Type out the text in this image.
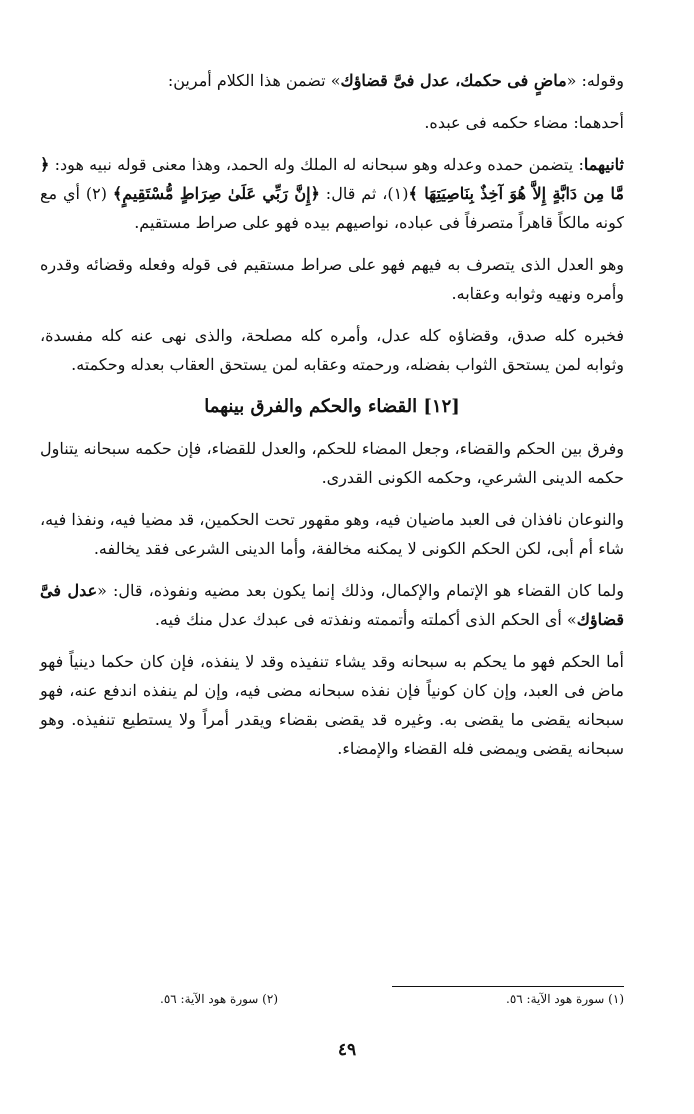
وقوله: «ماضٍ فى حكمك، عدل فىَّ قضاؤك» تضمن هذا الكلام أمرين:

أحدهما: مضاء حكمه فى عبده.

ثانيهما: يتضمن حمده وعدله وهو سبحانه له الملك وله الحمد، وهذا معنى قوله نبيه هود: ﴿ مَّا مِن دَابَّةٍ إِلاَّ هُوَ آخِذٌ بِنَاصِيَتِهَا ﴾(١)، ثم قال: ﴿إِنَّ رَبِّي عَلَىٰ صِرَاطٍ مُّسْتَقِيمٍ﴾ (٢) أي مع كونه مالكاً قاهراً متصرفاً فى عباده، نواصيهم بيده فهو على صراط مستقيم.

وهو العدل الذى يتصرف به فيهم فهو على صراط مستقيم فى قوله وفعله وقضائه وقدره وأمره ونهيه وثوابه وعقابه.

فخبره كله صدق، وقضاؤه كله عدل، وأمره كله مصلحة، والذى نهى عنه كله مفسدة، وثوابه لمن يستحق الثواب بفضله، ورحمته وعقابه لمن يستحق العقاب بعدله وحكمته.

[١٢] القضاء والحكم والفرق بينهما

وفرق بين الحكم والقضاء، وجعل المضاء للحكم، والعدل للقضاء، فإن حكمه سبحانه يتناول حكمه الدينى الشرعي، وحكمه الكونى القدرى.

والنوعان نافذان فى العبد ماضيان فيه، وهو مقهور تحت الحكمين، قد مضيا فيه، ونفذا فيه، شاء أم أبى، لكن الحكم الكونى لا يمكنه مخالفة، وأما الدينى الشرعى فقد يخالفه.

ولما كان القضاء هو الإتمام والإكمال، وذلك إنما يكون بعد مضيه ونفوذه، قال: «عدل فىَّ قضاؤك» أى الحكم الذى أكملته وأتممته ونفذته فى عبدك عدل منك فيه.

أما الحكم فهو ما يحكم به سبحانه وقد يشاء تنفيذه وقد لا ينفذه، فإن كان حكما دينياً فهو ماض فى العبد، وإن كان كونياً فإن نفذه سبحانه مضى فيه، وإن لم ينفذه اندفع عنه، فهو سبحانه يقضى ما يقضى به. وغيره قد يقضى بقضاء ويقدر أمراً ولا يستطيع تنفيذه. وهو سبحانه يقضى ويمضى فله القضاء والإمضاء.

(١) سورة هود الآية: ٥٦.
(٢) سورة هود الآية: ٥٦.
٤٩
